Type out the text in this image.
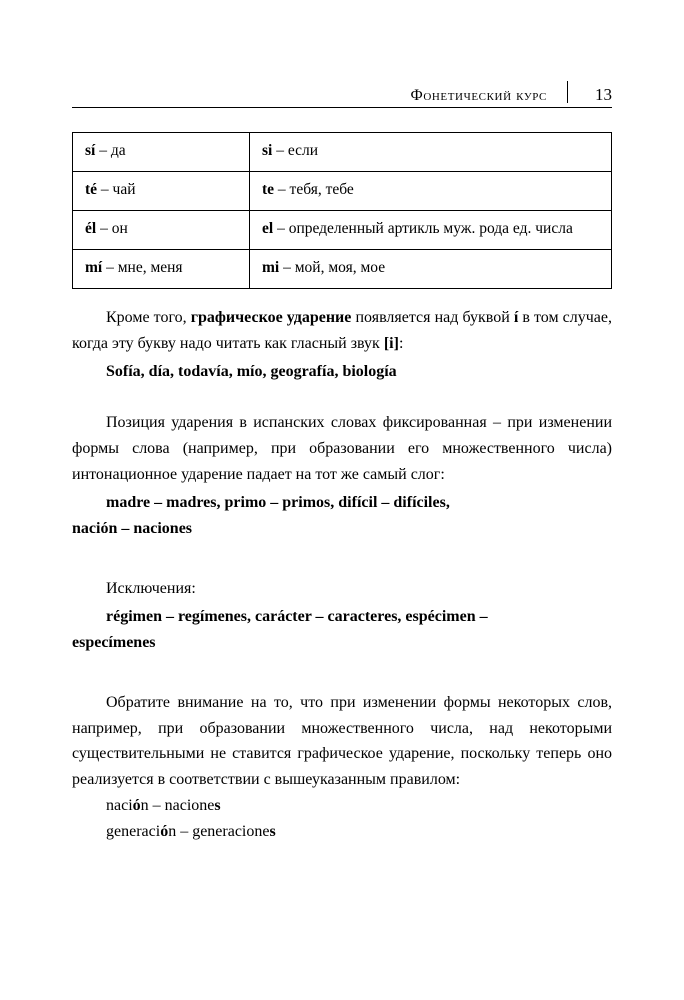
Фонетический курс	13
sí – да	si – если
té – чай	te – тебя, тебе
él – он	el – определенный артикль муж. рода ед. числа
mí – мне, меня	mi – мой, моя, мое

Кроме того, графическое ударение появляется над буквой í в том случае, когда эту букву надо читать как гласный звук [i]:

Sofía, día, todavía, mío, geografía, biología

Позиция ударения в испанских словах фиксированная – при изменении формы слова (например, при образовании его множественного числа) интонационное ударение падает на тот же самый слог:

madre – madres, primo – primos, difícil – difíciles,

nación – naciones

Исключения:

régimen – regímenes, carácter – caracteres, espécimen –

especímenes

Обратите внимание на то, что при изменении формы некоторых слов, например, при образовании множественного числа, над некоторыми существительными не ставится графическое ударение, поскольку теперь оно реализуется в соответствии с вышеуказанным правилом:

nación – naciones

generación – generaciones
